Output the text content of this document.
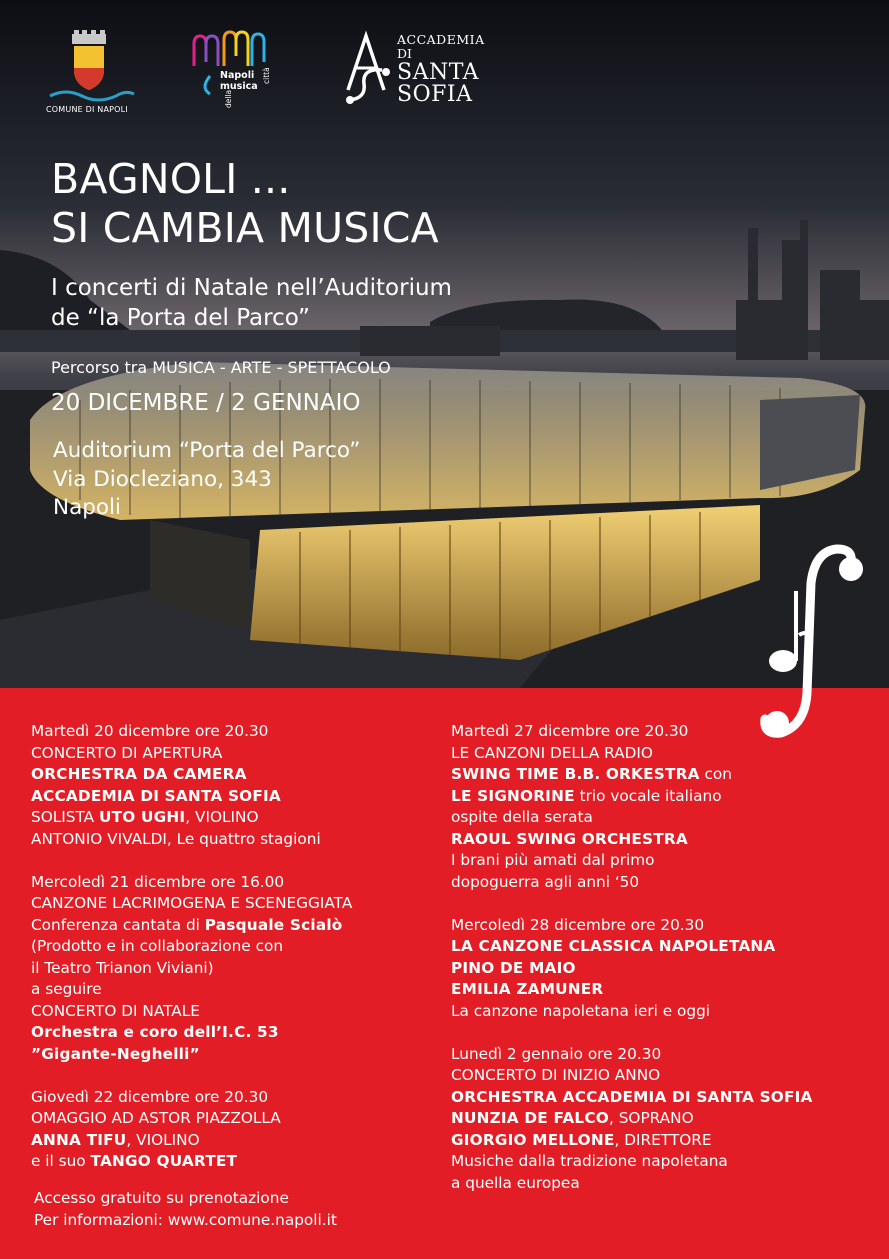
COMUNE DI NAPOLI
Napoli
musica
città
della
ACCADEMIA
DI
SANTA
SOFIA
BAGNOLI ...
SI CAMBIA MUSICA
I concerti di Natale nell’Auditorium
de “la Porta del Parco”
Percorso tra MUSICA - ARTE - SPETTACOLO
20 DICEMBRE / 2 GENNAIO
Auditorium “Porta del Parco”
Via Diocleziano, 343
Napoli

Martedì 20 dicembre ore 20.30

CONCERTO DI APERTURA

ORCHESTRA DA CAMERA

ACCADEMIA DI SANTA SOFIA

SOLISTA UTO UGHI, VIOLINO

ANTONIO VIVALDI, Le quattro stagioni

Mercoledì 21 dicembre ore 16.00

CANZONE LACRIMOGENA E SCENEGGIATA

Conferenza cantata di Pasquale Scialò

(Prodotto e in collaborazione con

il Teatro Trianon Viviani)

a seguire

CONCERTO DI NATALE

Orchestra e coro dell’I.C. 53

”Gigante-Neghelli”

Giovedì 22 dicembre ore 20.30

OMAGGIO AD ASTOR PIAZZOLLA

ANNA TIFU, VIOLINO

e il suo TANGO QUARTET

Martedì 27 dicembre ore 20.30

LE CANZONI DELLA RADIO

SWING TIME B.B. ORKESTRA con

LE SIGNORINE trio vocale italiano

ospite della serata

RAOUL SWING ORCHESTRA

I brani più amati dal primo

dopoguerra agli anni ‘50

Mercoledì 28 dicembre ore 20.30

LA CANZONE CLASSICA NAPOLETANA

PINO DE MAIO

EMILIA ZAMUNER

La canzone napoletana ieri e oggi

Lunedì 2 gennaio ore 20.30

CONCERTO DI INIZIO ANNO

ORCHESTRA ACCADEMIA DI SANTA SOFIA

NUNZIA DE FALCO, SOPRANO

GIORGIO MELLONE, DIRETTORE

Musiche dalla tradizione napoletana

a quella europea

Accesso gratuito su prenotazione
Per informazioni: www.comune.napoli.it
